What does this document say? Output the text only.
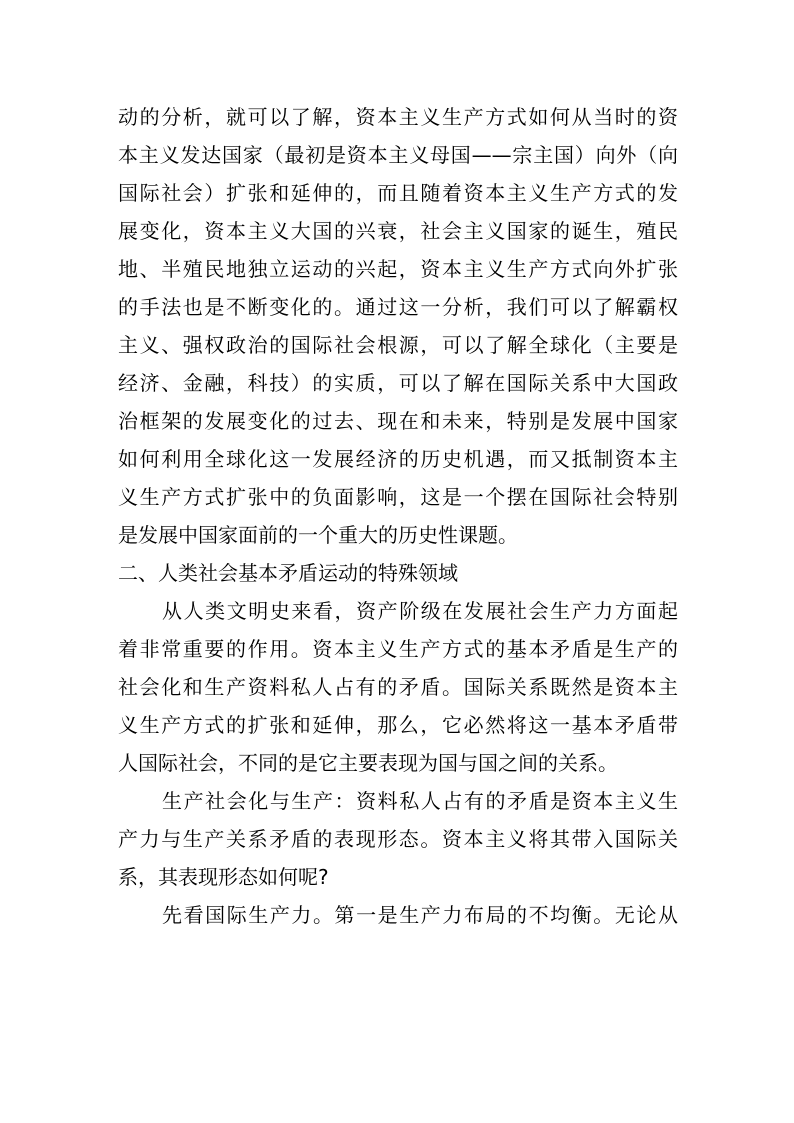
动的分析，就可以了解，资本主义生产方式如何从当时的资
本主义发达国家（最初是资本主义母国——宗主国）向外（向
国际社会）扩张和延伸的，而且随着资本主义生产方式的发
展变化，资本主义大国的兴衰，社会主义国家的诞生，殖民
地、半殖民地独立运动的兴起，资本主义生产方式向外扩张
的手法也是不断变化的。通过这一分析，我们可以了解霸权
主义、强权政治的国际社会根源，可以了解全球化（主要是
经济、金融，科技）的实质，可以了解在国际关系中大国政
治框架的发展变化的过去、现在和未来，特别是发展中国家
如何利用全球化这一发展经济的历史机遇，而又抵制资本主
义生产方式扩张中的负面影响，这是一个摆在国际社会特别
是发展中国家面前的一个重大的历史性课题。
二、人类社会基本矛盾运动的特殊领域
从人类文明史来看，资产阶级在发展社会生产力方面起
着非常重要的作用。资本主义生产方式的基本矛盾是生产的
社会化和生产资料私人占有的矛盾。国际关系既然是资本主
义生产方式的扩张和延伸，那么，它必然将这一基本矛盾带
人国际社会，不同的是它主要表现为国与国之间的关系。
生产社会化与生产：资料私人占有的矛盾是资本主义生
产力与生产关系矛盾的表现形态。资本主义将其带入国际关
系，其表现形态如何呢?
先看国际生产力。第一是生产力布局的不均衡。无论从
